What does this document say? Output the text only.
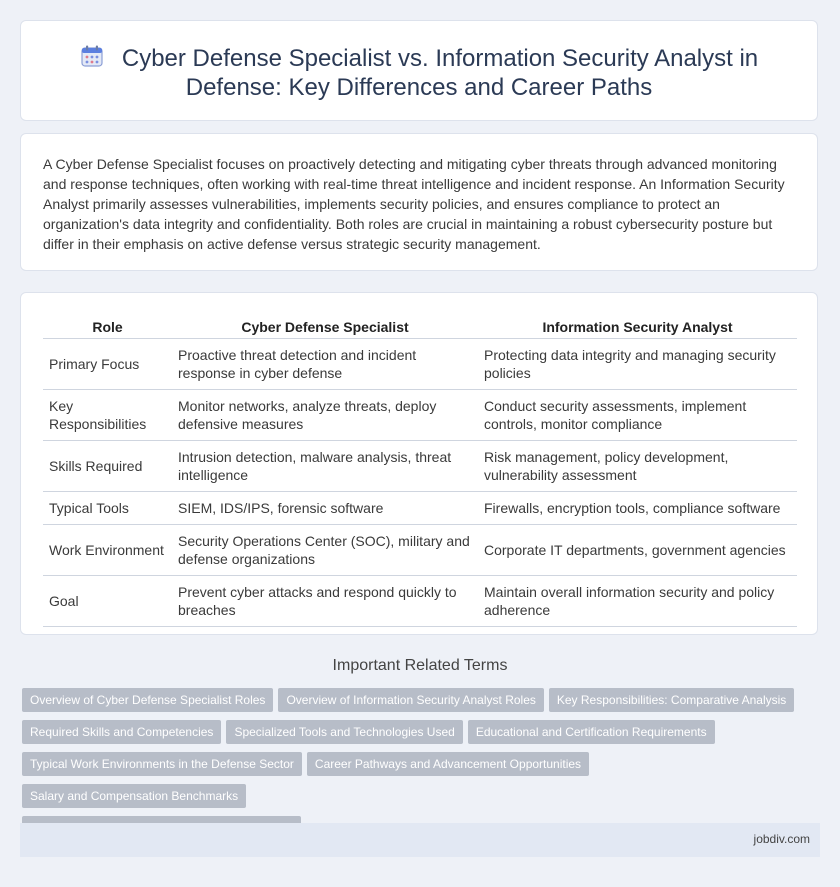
Cyber Defense Specialist vs. Information Security Analyst in Defense: Key Differences and Career Paths

A Cyber Defense Specialist focuses on proactively detecting and mitigating cyber threats through advanced monitoring and response techniques, often working with real-time threat intelligence and incident response. An Information Security Analyst primarily assesses vulnerabilities, implements security policies, and ensures compliance to protect an organization's data integrity and confidentiality. Both roles are crucial in maintaining a robust cybersecurity posture but differ in their emphasis on active defense versus strategic security management.

Role	Cyber Defense Specialist	Information Security Analyst
Primary Focus	Proactive threat detection and incident response in cyber defense	Protecting data integrity and managing security policies
Key Responsibilities	Monitor networks, analyze threats, deploy defensive measures	Conduct security assessments, implement controls, monitor compliance
Skills Required	Intrusion detection, malware analysis, threat intelligence	Risk management, policy development, vulnerability assessment
Typical Tools	SIEM, IDS/IPS, forensic software	Firewalls, encryption tools, compliance software
Work Environment	Security Operations Center (SOC), military and defense organizations	Corporate IT departments, government agencies
Goal	Prevent cyber attacks and respond quickly to breaches	Maintain overall information security and policy adherence
Important Related Terms
Overview of Cyber Defense Specialist Roles Overview of Information Security Analyst Roles Key Responsibilities: Comparative Analysis
Required Skills and Competencies Specialized Tools and Technologies Used Educational and Certification Requirements
Typical Work Environments in the Defense Sector Career Pathways and Advancement OpportunitiesSalary and Compensation Benchmarks

jobdiv.com
